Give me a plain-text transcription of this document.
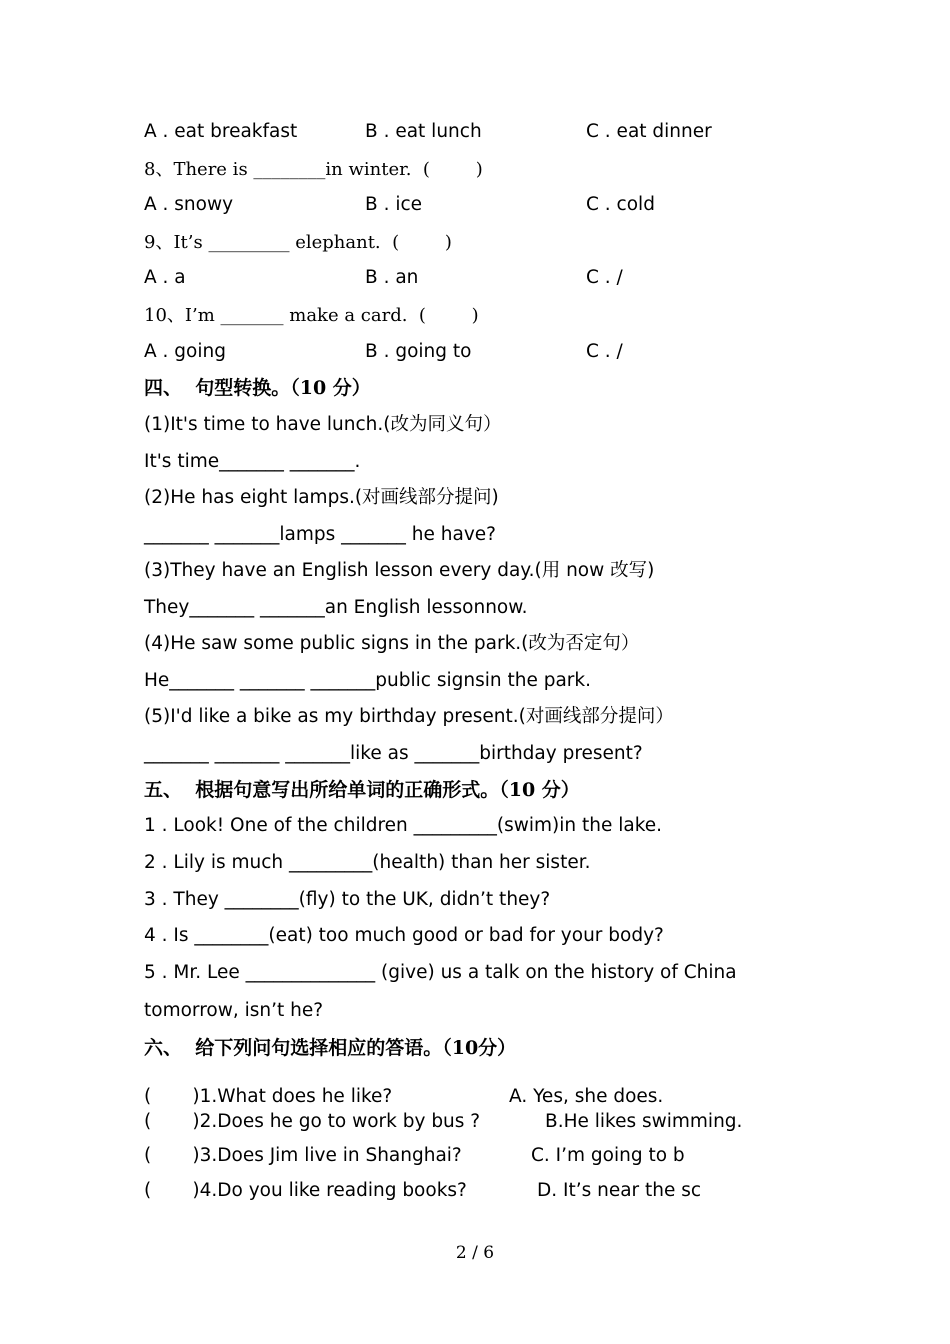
A . eat breakfast	B . eat lunch	C . eat dinner
8、There is ________in winter.  (        )
A . snowy	B . ice	C . cold
9、It’s _________ elephant.  (        )
A . a	B . an	C . /
10、I’m _______ make a card.  (        )
A . going	B . going to	C . /
四、  句型转换。（10 分）
(1)It's time to have lunch.(改为同义句）
It's time_______ _______.
(2)He has eight lamps.(对画线部分提问)
_______ _______lamps _______ he have?
(3)They have an English lesson every day.(用 now 改写)
They_______ _______an English lessonnow.
(4)He saw some public signs in the park.(改为否定句）
He_______ _______ _______public signsin the park.
(5)I'd like a bike as my birthday present.(对画线部分提问）
_______ _______ _______like as _______birthday present?
五、  根据句意写出所给单词的正确形式。（10 分）
1 . Look! One of the children _________(swim)in the lake.
2 . Lily is much _________(health) than her sister.
3 . They ________(fly) to the UK, didn’t they?
4 . Is ________(eat) too much good or bad for your body?
5 . Mr. Lee ______________ (give) us a talk on the history of China
tomorrow, isn’t he?
六、  给下列问句选择相应的答语。（10分）
(       )1.What does he like?	A. Yes, she does.
(       )2.Does he go to work by bus ?	B.He likes swimming.
(       )3.Does Jim live in Shanghai?	C. I’m going to b
(       )4.Do you like reading books?	D. It’s near the sc
2 / 6
